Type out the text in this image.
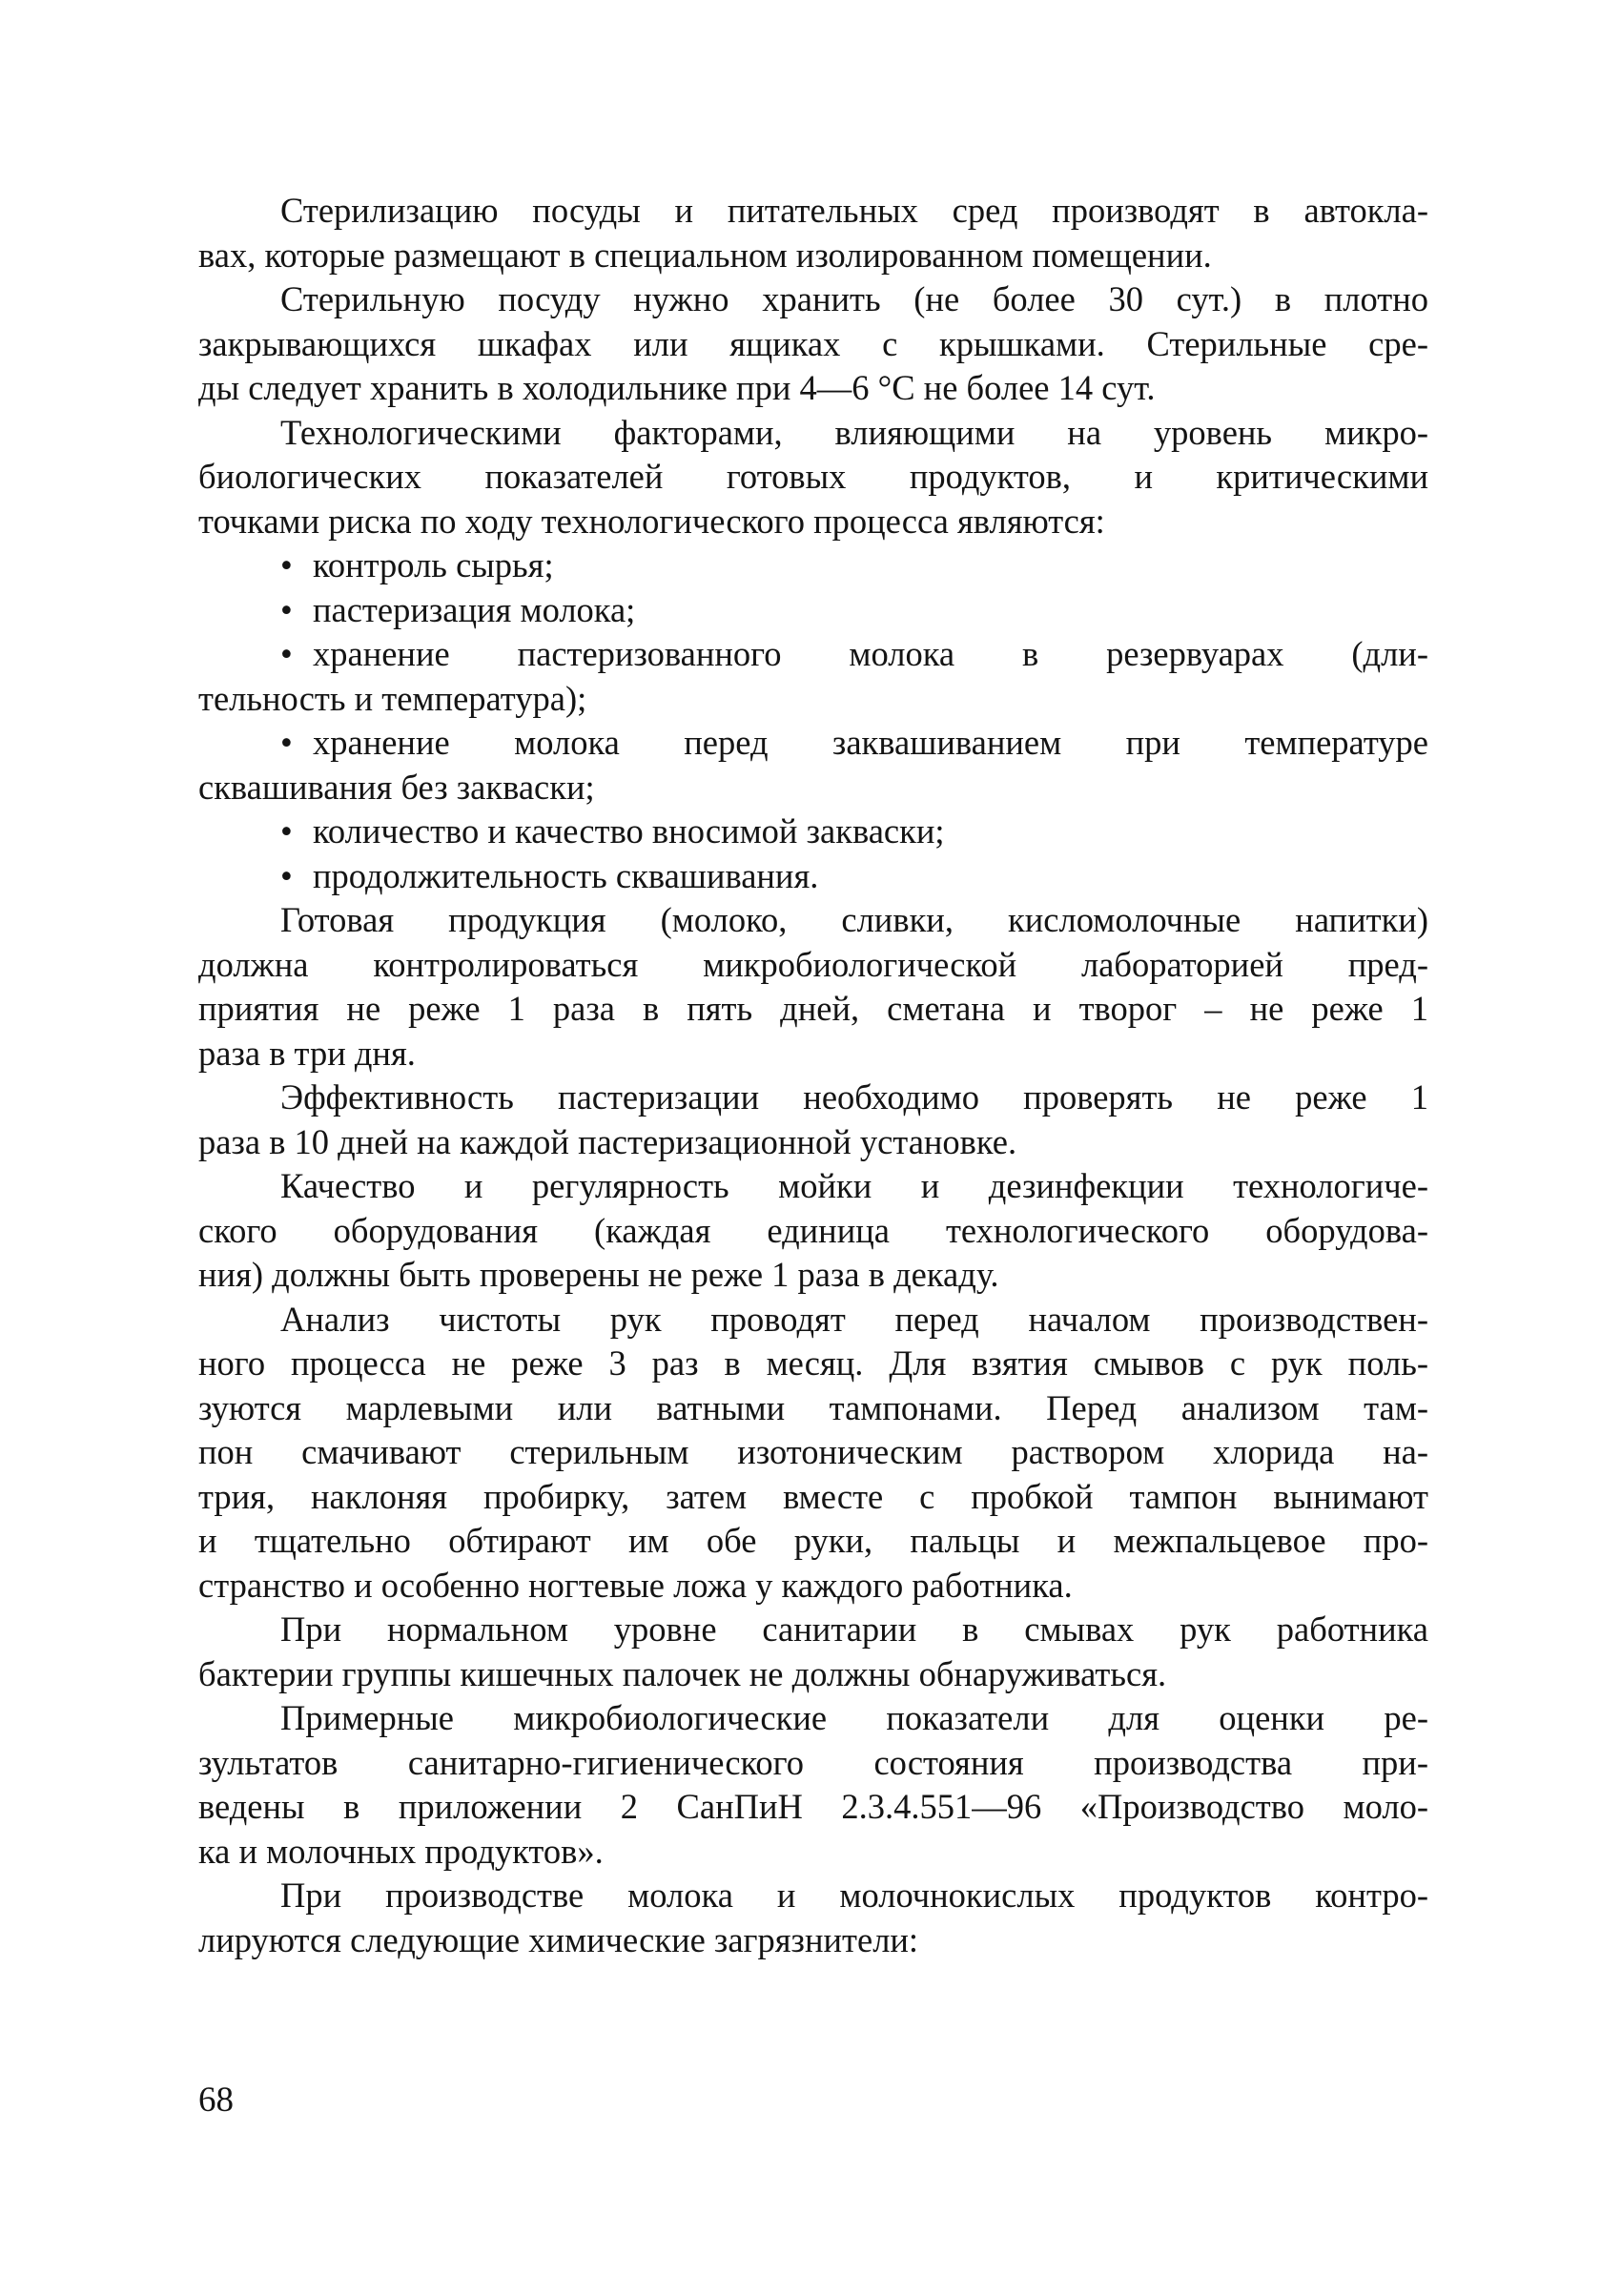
Стерилизацию посуды и питательных сред производят в автокла-
вах, которые размещают в специальном изолированном помещении.
Стерильную посуду нужно хранить (не более 30 сут.) в плотно
закрывающихся шкафах или ящиках с крышками. Стерильные сре-
ды следует хранить в холодильнике при 4—6 °С не более 14 сут.
Технологическими факторами, влияющими на уровень микро-
биологических показателей готовых продуктов, и критическими
точками риска по ходу технологического процесса являются:
• контроль сырья;
• пастеризация молока;
• хранение пастеризованного молока в резервуарах (дли-
тельность и температура);
• хранение молока перед заквашиванием при температуре
сквашивания без закваски;
• количество и качество вносимой закваски;
• продолжительность сквашивания.
Готовая продукция (молоко, сливки, кисломолочные напитки)
должна контролироваться микробиологической лабораторией пред-
приятия не реже 1 раза в пять дней, сметана и творог – не реже 1
раза в три дня.
Эффективность пастеризации необходимо проверять не реже 1
раза в 10 дней на каждой пастеризационной установке.
Качество и регулярность мойки и дезинфекции технологиче-
ского оборудования (каждая единица технологического оборудова-
ния) должны быть проверены не реже 1 раза в декаду.
Анализ чистоты рук проводят перед началом производствен-
ного процесса не реже 3 раз в месяц. Для взятия смывов с рук поль-
зуются марлевыми или ватными тампонами. Перед анализом там-
пон смачивают стерильным изотоническим раствором хлорида на-
трия, наклоняя пробирку, затем вместе с пробкой тампон вынимают
и тщательно обтирают им обе руки, пальцы и межпальцевое про-
странство и особенно ногтевые ложа у каждого работника.
При нормальном уровне санитарии в смывах рук работника
бактерии группы кишечных палочек не должны обнаруживаться.
Примерные микробиологические показатели для оценки ре-
зультатов санитарно-гигиенического состояния производства при-
ведены в приложении 2 СанПиН 2.3.4.551—96 «Производство моло-
ка и молочных продуктов».
При производстве молока и молочнокислых продуктов контро-
лируются следующие химические загрязнители:
68
